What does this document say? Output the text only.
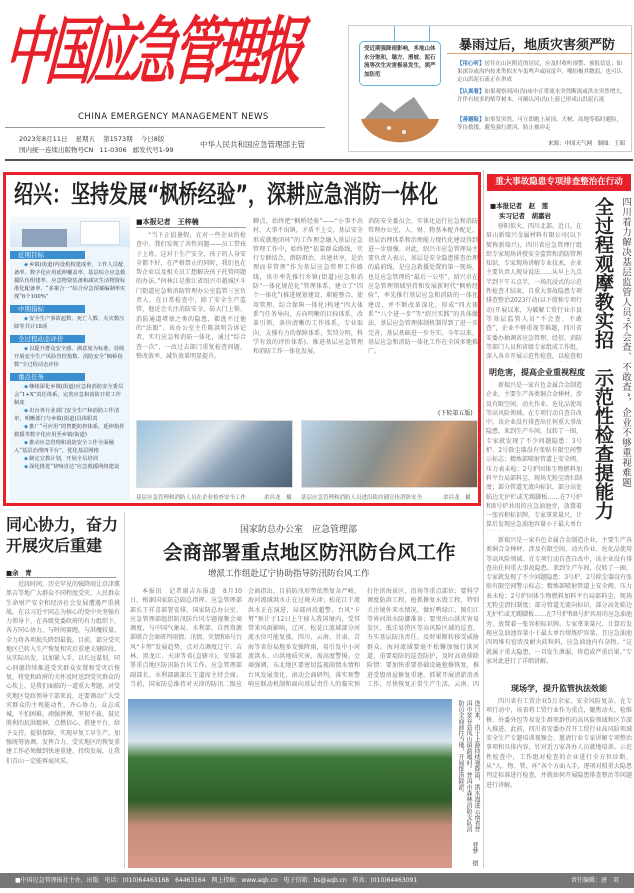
中国应急管理报
CHINA EMERGENCY MANAGEMENT NEWS
2023年8月11日 星期五 第1573期 今日8版
国内统一连续出版物号CN 11-0306 邮发代号1-99
中华人民共和国应急管理部主管
受近期强降雨影响，多地山体水分饱和，塌方、滑坡、泥石流等次生灾害极易发生，须严加防范
暴雨过后，地质灾害须严防
【用心听】居住在山区附近的居民，应及时收听预警、预报信息；如果深谷或沟内传来类似火车轰鸣声或闷雷声，哪怕极其微弱，也可认定山洪泥石流正在形成
【认真看】如果观察到河(沟)床中正常流水突然断流或洪水突然增大，并伴有较多的柴草树木，可确认河(沟)上游已形成山洪泥石流
【善避险】如事发突然，可立即跑上屋顶、大树、高地等临时避险，等待救援，避免强行渡河，防止被冲走
来源：中国天气网　制图：王昭
绍兴：坚持发展“枫桥经验”，深耕应急消防一体化
近期目标
◆ 乡镇(街道)内设机构建成率、工作人员配备率、数字化应用延伸覆盖率、基层综合应急救援队伍组建率、应急物资装备和减灾生活物资标准化配备率、“多案合一”综合应急预案编制率实现“6个100%”
中期指标
◆ 安全生产事故起数、死亡人数、火灾数压降等共计18项
全过程动态评价
◆ 以提升群众安全感、满意度为标准，持续开展安全生产风险管控指数、消防安全“枫桥指数”全过程动态评价
重点任务
◆ 继续深化乡镇(街道)应急和消防安全委员会“1+X”责任体系，完善应急和消防日常工作制度
◆ 出台各行业部门安全生产和消防工作清单，明晰部门与乡镇(街道)具体职责
◆ 推广“可应用”的智能防控体系，延伸指挥救援等数字化应用至乡镇(街道)
◆ 推动应急管理和消防安全工作全面融入“基层治理四平台”，优化基层网格
◆ 制定宣教计划，开展全员培训
◆ 深化推进“快响直达”应急救援网络建设
■本报记者　王梓楠
“当下正值暑假，在对一些企业的检查中，我们发现了共性问题——员工带孩子上班。这对于生产安全、孩子的人身安全都不好，在严格禁止的同时，我们也在帮企业以及相关员工想解决孩子托管问题的办法。”何林江是浙江省绍兴市越城区斗门街道应急和消防管理办公室监管三室负责人，在日常检查中，除了安全生产监管，他还会关注消防安全，防大门上锁、消防通道堵塞之类的隐患，都逃不过他的“法眼”。该办公室主任陈洪明告诉记者，实行应急和消防一体化，通过“综合查一次”，一改过去部门重复检查问题，整改效率、减负效果明显提升。
聊点，始终把“枫桥经验”——“小事不出村，大事不出镇，矛盾不上交，基层安全形成就地闭环”的工作理念融入基层应急管理工作中，始终把“依靠群众路线，实行专群结合，群防群治，共建共享，是治理而非管理”作为基层应急管理工作路线，该市率先推行乡镇(街道)应急和消防“一体化规范化”管理体系，建立了“四个一体化”(推进规划建设、职能整合、使用管理、综合保障一体化)构建“四大体系”(任务导向，方向明晰的目标体系，改革引领，条块清晰的工作体系，专业取向，支撑有力的保障体系，奖罚分明，科学有效的评价体系)，推进基层应急管理和消防工作一体化发展。
消防安全委员会，实体化运行应急和消防管理办公室，人、财、物基本配齐配足，基层治理体系和治理能力现代化建设得到进一步加强。对此，绍兴市应急管理局主要负责人表示，基层是安全隐患排查治理的最前线，是应急救援处置的第一现场，也是应急管理的“最后一公里”。绍兴市在应急管理领域坚持和发展新时代“枫桥经验”，率先推行基层应急和消防的一体化建设，并不断改革深化，形成“四大体系”“八个进一步”等“绍兴实践”的具体做法，基层应急管理体制机制得到了进一步完善，基层基础进一步夯实。今年以来，基层应急和消防一体化工作在全国多地推广。
(下转第五版)
基层应急管理和消防人员在企业检查安全工作	余昌龙　摄 基层应急管理和消防人员进沿街店铺宣传消防安全	余昌龙　摄
重大事故隐患专项排查整治在行动
■本报记者　赵　莲
实习记者　胡嘉岩 全过程观摩教实招　示范性检查提能力 四川着力解决基层监管人员“不会查、不敢查”，企业不够重视难题
骄阳似火，四川北部。近日，在眉山新瑞兴金属材料有限公司(以下简称新瑞兴)，四川省应急管理厅组织专家现场讲授安全监管和消防管理知识，专家现场讲解专业技术，企业主要负责人现身说法……从早上九点半到下午五点半，一场沉浸式的示范性检查才结束。自重大事故隐患专项排查整治2023行动(以下简称专项行动)开展以来，为破解工贸行业市县等基层监管人员“不会查、不敢查”，企业不够重视等难题，四川省安委办抽调省应急管理、经信、消防等部门人员和省级专家组成工作组，深入各市开展示范性检查，以检查相
明危害，提高企业重视程度
新瑞兴是一家有色金属合金制造企业，主要生产各类铜合金棒材，涉及有限空间、动火作业、危化品使用等高风险领域。在专项行动自查自改中，该企业没有排查出任何重大事故隐患。来到生产车间，仅转了一圈，专家就发现了不少问题隐患：3号炉、2号除尘器没有张贴有限空间警示标志；精炼部喷射管道上安全阀、压力表未检；2号炉固体生物燃料加料平台局部料尘，现场无粉尘清扫制度；部分管道无流向标识，部分高处临边无护栏或无踢脚板……在7号炉和8号炉共用的应急油池旁，放置着一张容积标识牌。专家拿来量尺，计算后发现应急油池容量小于最大单台
新瑞兴是一家有色金属合金制造企业，主要生产各类铜合金棒材，涉及有限空间、动火作业、危化品使用等高风险领域。在专项行动自查自改中，该企业没有排查出任何重大事故隐患。来到生产车间，仅转了一圈，专家就发现了不少问题隐患：3号炉、2号除尘器没有张贴有限空间警示标志；精炼部喷射管道上安全阀、压力表未检；2号炉固体生物燃料加料平台局部料尘，现场无粉尘清扫制度；部分管道无流向标识，部分高处临边无护栏或无踢脚板……在7号炉和8号炉共用的应急油池旁，放置着一张容积标识牌。专家拿来量尺，计算后发现应急油池容量小于最大单台熔炼炉容量，且应急油池四周堆有窑渣及耐火砖粒料，应急油池内有杂物。“这就属于重大隐患，一旦发生泄漏，将造成严重后果。”专家对此进行了详细讲解。
现场学，提升监管执法效能
四川省有工贸企业5万余家，安全风险复杂。在专项行动中，该省将工贸行业作为重点，聚焦动火、检维修、外委外包等易发生群死群伤的高风险领域和区节深入推进。此前，四川省安委办召开工贸行业高风险领域安全生产专题培训视频会，邀请行业专家讲解专项整治事项和具体内容，针对近万家各办人员就地培训。示范性检查中，工作组对检查的企业进行全方位诊断，从“人、物、管、环”各个方面入手，逐项对照重大隐患判定标准进行检查，并就如何开展隐患排查整治等问题进行讲解。
同心协力，奋力开展灾后重建
■余　青
近段时间，历史罕见的强降雨让京津冀黑吉等地广大群众不同程度受灾，人民群众生命财产安全和经济社会发展遭遇严重挑战。在以习近平同志为核心的党中央坚强有力领导下，在各级党委政府的有力组织下，各方同心协力，与时间赛跑，与洪魔较量，全力将各项损失降到最低。目前，部分受灾地区已转入生产恢复和灾后重建关键阶段。从实际出发，以加紧入手，以长远谋划，同心同德持续推进受灾群众安置和受灾后恢复，将党和政府的关怀及时送到受灾群众的心坎上，是我们面临的一道重大考题。对受灾地区党政领导干部来说，还要调动广大受灾群众的主观能动性，齐心协力，众志成城，不怕困难，顽强拼搏，坚韧不拔，鼓足胜利的抗洪精神，点燃信心，搭建平台，给予支持，提供保障，实现早复工早生产。加强统筹协调，发挥合力，受灾地区的恢复重建工作必须做到快速重建、持续发展，让我们青山一定能再展风采。
国家防总办公室　应急管理部
会商部署重点地区防汛防台风工作
增派工作组赴辽宁协助指导防汛防台风工作
本报讯　记者谢吉东报道　8月10日，根据国家防总副总指挥、应急管理部部长王祥喜部署安排，国家防总办公室、应急管理部组织防汛防台风专题视频会商调度，与中国气象局、水利部、自然资源部联合会商研判雨情、汛情、灾情和6号台风“卡努”发展趋势，点对点调度辽宁、吉林、黑龙江、天津等省(直辖市)，安排部署重点地区防汛防台风工作。应急管理部副部长、水利部副部长王道席主持会商。当前，国家防总维持对天津的防汛二级应
会商指出，目前防汛形势依然复杂严峻，海河流域洪水正在过境天津；松花江干流洪水正在演进，局部河段超警。台风“卡努”预计于12日上午移入我国境内，受其带来风雨影响，辽河、松花江流域部分河流水位可能复涨，四川、云南、甘肃、青海等省份局地多发强降雨，易引发中小河流洪水、山洪地质灾害，需高度警惕。会商强调，东北地区要密切监视雨情水情和台风发展变化，滚动会商研判，落实预警响应联动机制和面向基层责任人的临灾预
打住滨海景区、沿场等重点部位；要科学调度防洪工程，抢抓修复水毁工程，特别关注境外来水情况，做好鸭绿江、图们江等界河洪水防御准备；要突出山洪灾害易发区、低洼易涝区等高风险区域的巡查，夯实基层防汛责任，及时果断转移受威胁群众。海河流域要毫不松懈加强行洪河道、重要堤防的巡查防护，及时高效排除险情；要加快重要基础设施抢修恢复，推进受毁房屋修复重建，抓紧开展清淤消杀工作，尽快恢复正常生产生活。云南、四
连日来，由于上游持续强降雨，洪水漫进云南省普洱市景谷县凤山镇勐嘎村。普洱市森林消防支队消防员全面前往当地，开展排涝除淤。
曹梦　摄
■中国应急管理报社主办、出版 电话：(010)64463168　64463164 网上投稿：www.aqb.cn 电子信箱：bs@aqb.cn 传真：(010)64463091	责任编辑：唐　双
